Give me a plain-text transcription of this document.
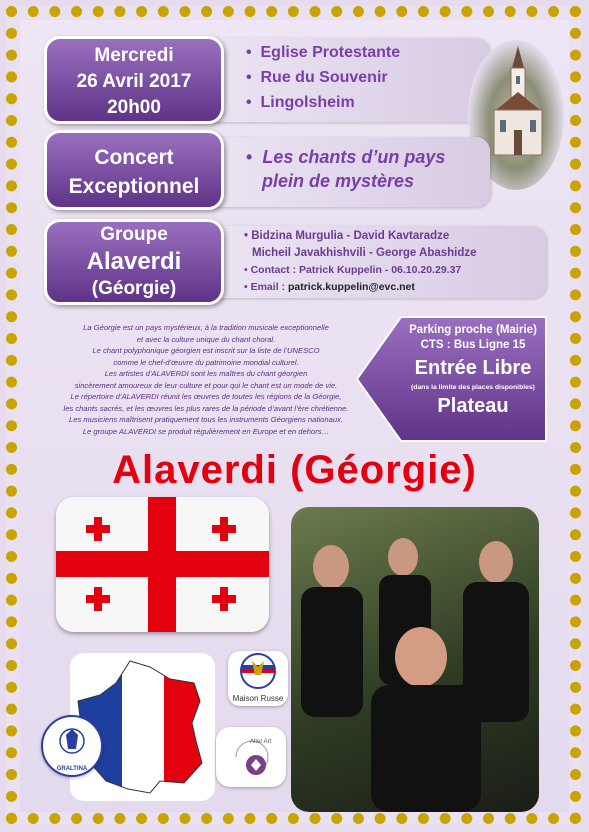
• Eglise Protestante
• Rue du Souvenir
• Lingolsheim
Mercredi
26 Avril 2017
20h00
• Les chants d’un pays
plein de mystères
Concert
Exceptionnel
• Bidzina Murgulia - David Kavtaradze
Micheil Javakhishvili - George Abashidze
• Contact : Patrick Kuppelin - 06.10.20.29.37
• Email : patrick.kuppelin@evc.net
Groupe
Alaverdi
(Géorgie)
La Géorgie est un pays mystérieux, à la tradition musicale exceptionnelle
et avec la culture unique du chant choral.
Le chant polyphonique géorgien est inscrit sur la liste de l’UNESCO
comme le chef-d’œuvre du patrimoine mondial culturel.
Les artistes d’ALAVERDI sont les maîtres du chant géorgien
sincèrement amoureux de leur culture et pour qui le chant est un mode de vie.
Le répertoire d’ALAVERDI réunit les œuvres de toutes les régions de la Géorgie,
les chants sacrés, et les œuvres les plus rares de la période d’avant l’ère chrétienne.
Les musiciens maîtrisent pratiquement tous les instruments Géorgiens nationaux.
Le groupe ALAVERDI se produit régulièrement en Europe et en dehors…
Parking proche (Mairie)
CTS : Bus Ligne 15
Entrée Libre
(dans la limite des places disponibles)
Plateau
Alaverdi (Géorgie)
Maison Russe
GRALTINA
Alter Art
